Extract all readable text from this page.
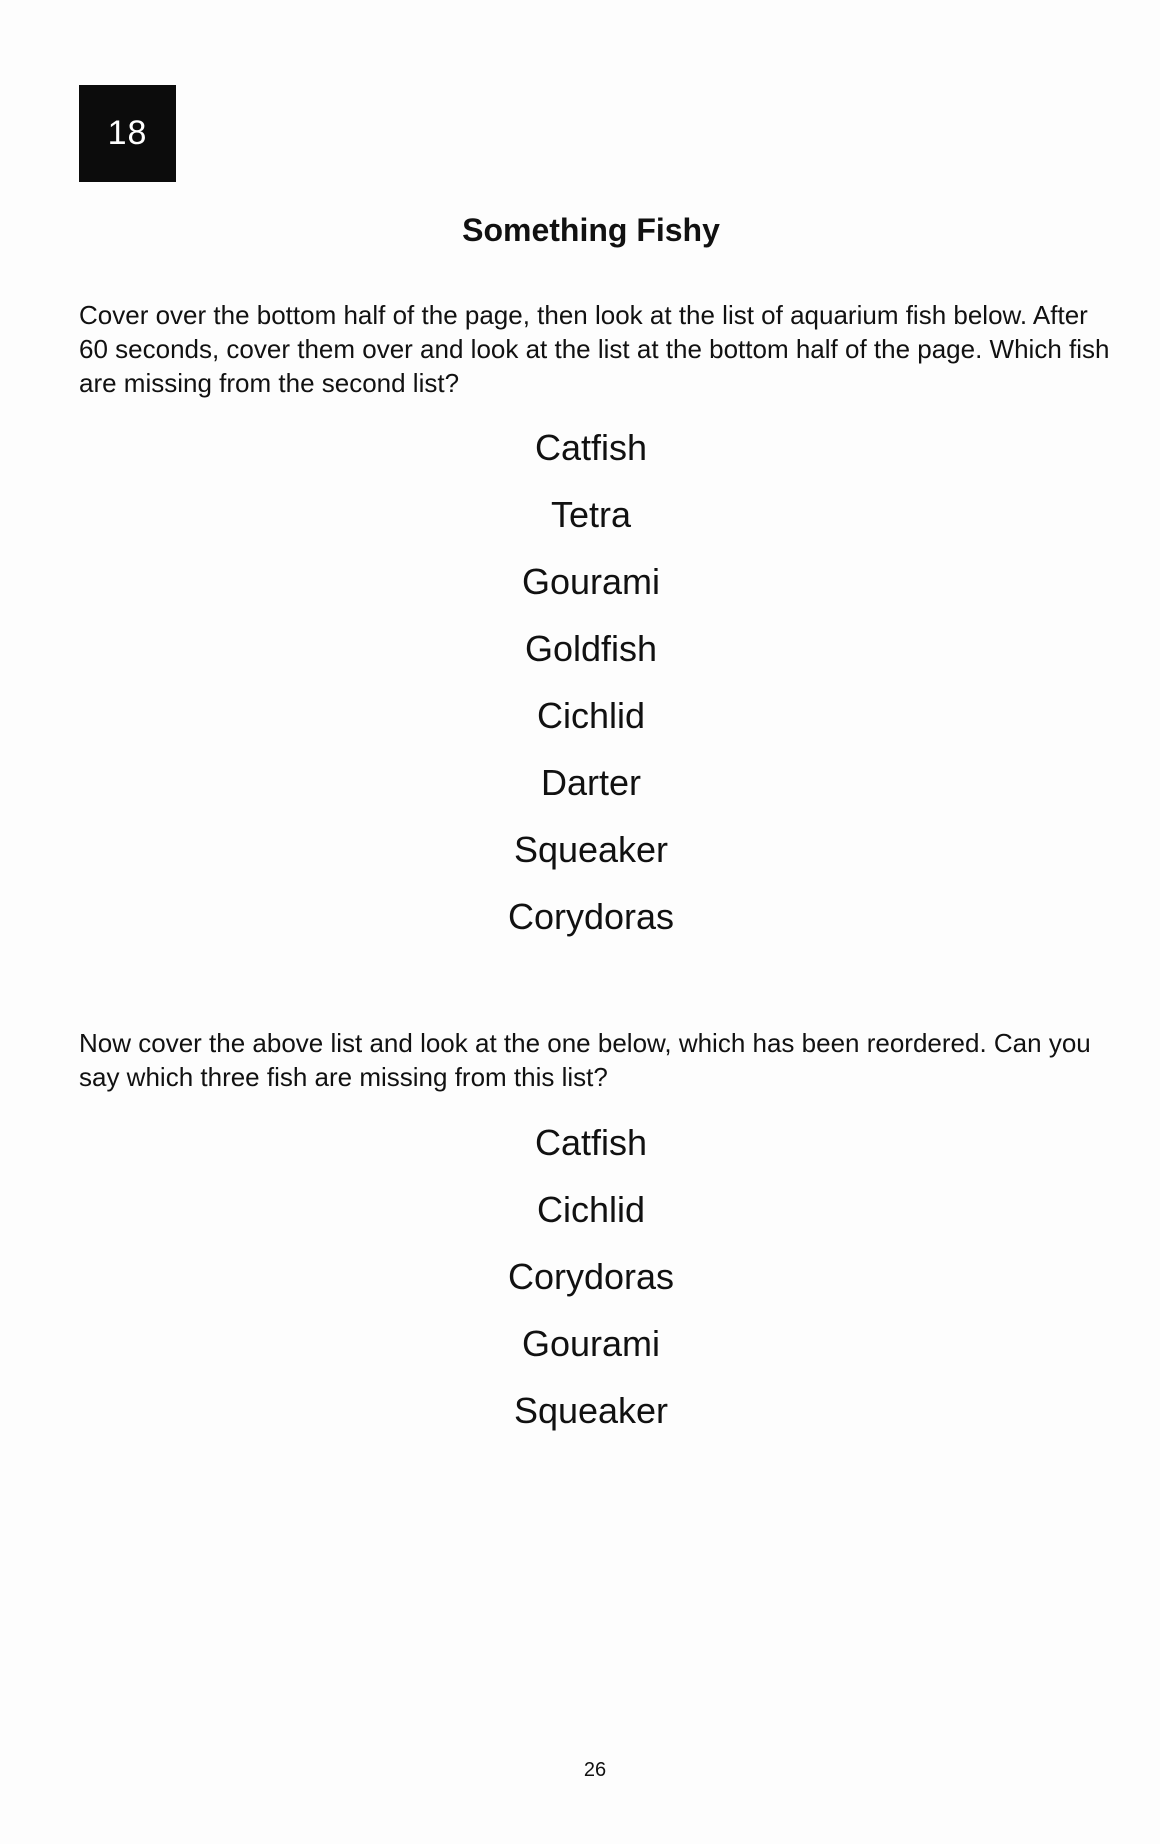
18
Something Fishy

Cover over the bottom half of the page, then look at the list of aquarium fish below. After 60 seconds, cover them over and look at the list at the bottom half of the page. Which fish are missing from the second list?

Catfish
Tetra
Gourami
Goldfish
Cichlid
Darter
Squeaker
Corydoras

Now cover the above list and look at the one below, which has been reordered. Can you say which three fish are missing from this list?

Catfish
Cichlid
Corydoras
Gourami
Squeaker
26
